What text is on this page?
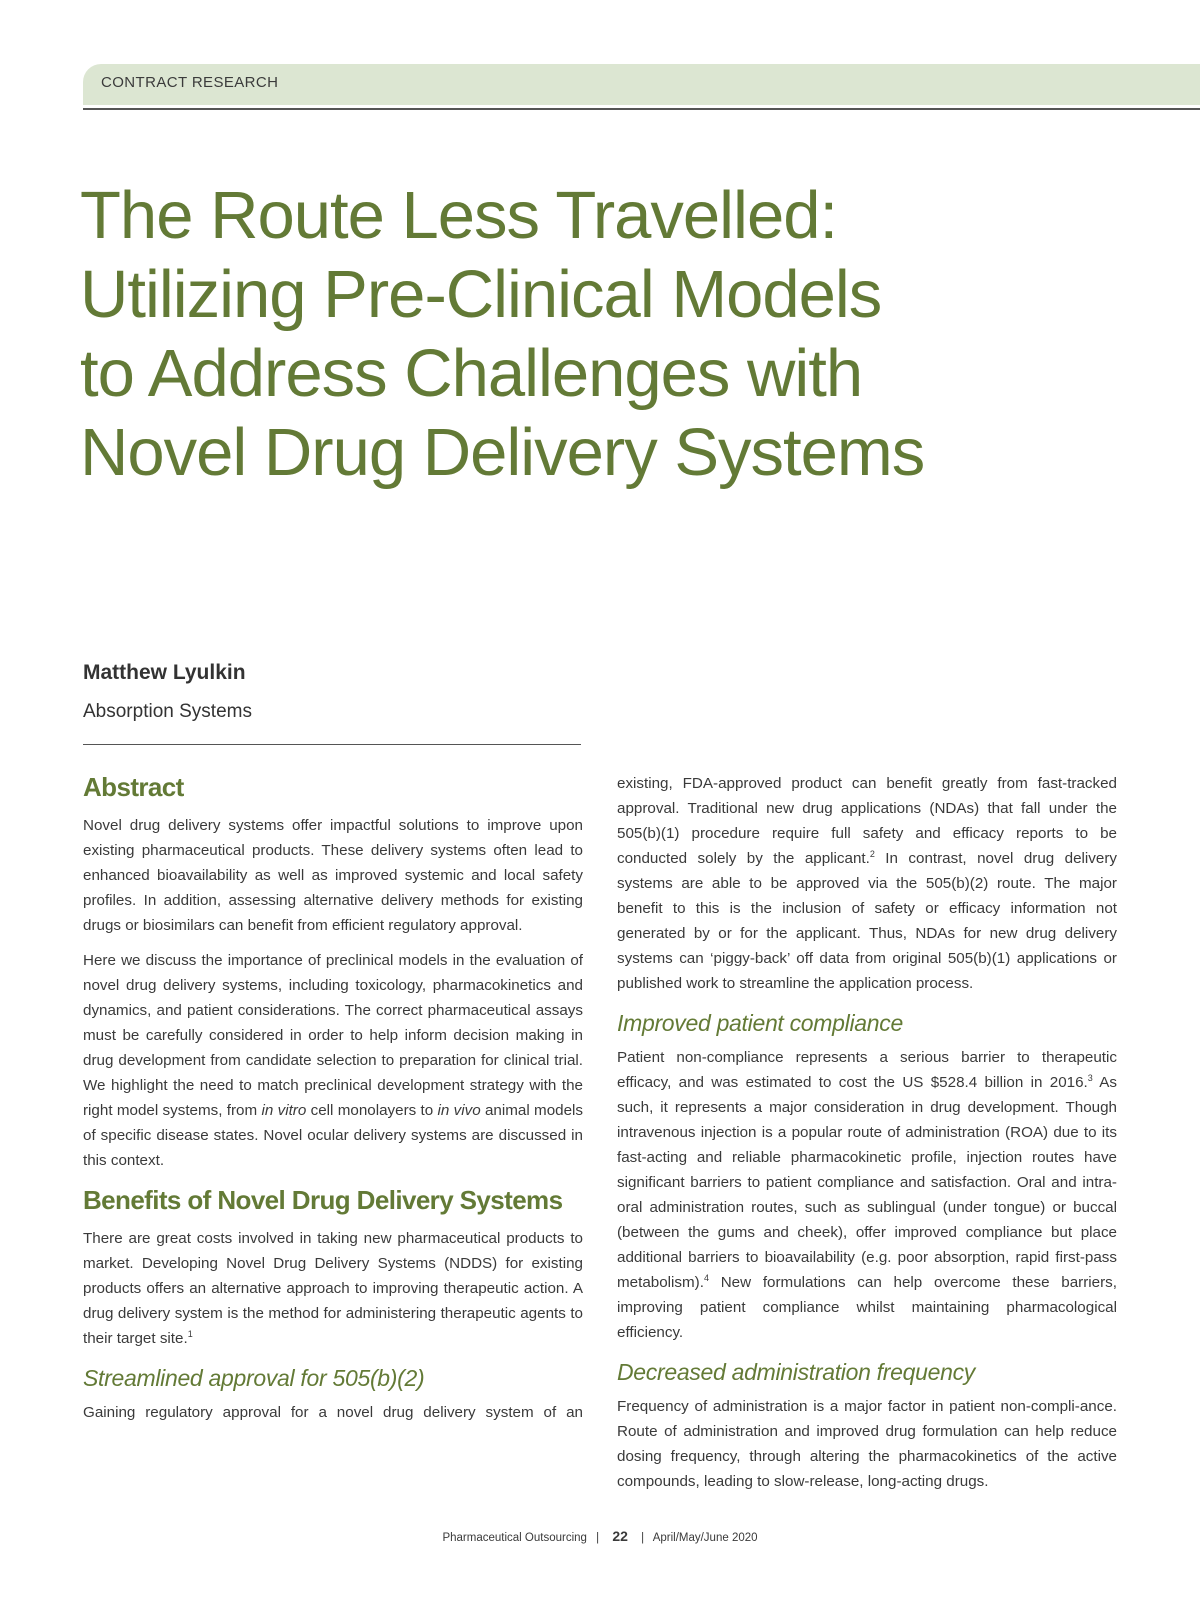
CONTRACT RESEARCH
The Route Less Travelled:
Utilizing Pre-Clinical Models
to Address Challenges with
Novel Drug Delivery Systems
Matthew Lyulkin
Absorption Systems
Abstract

Novel drug delivery systems offer impactful solutions to improve upon existing pharmaceutical products. These delivery systems often lead to enhanced bioavailability as well as improved systemic and local safety profiles. In addition, assessing alternative delivery methods for existing drugs or biosimilars can benefit from efficient regulatory approval.

Here we discuss the importance of preclinical models in the evaluation of novel drug delivery systems, including toxicology, pharmacokinetics and dynamics, and patient considerations. The correct pharmaceutical assays must be carefully considered in order to help inform decision making in drug development from candidate selection to preparation for clinical trial. We highlight the need to match preclinical development strategy with the right model systems, from in vitro cell monolayers to in vivo animal models of specific disease states. Novel ocular delivery systems are discussed in this context.

Benefits of Novel Drug Delivery Systems

There are great costs involved in taking new pharmaceutical products to market. Developing Novel Drug Delivery Systems (NDDS) for existing products offers an alternative approach to improving therapeutic action. A drug delivery system is the method for administering therapeutic agents to their target site.$^1$

Streamlined approval for 505(b)(2)

Gaining regulatory approval for a novel drug delivery system of an

existing, FDA-approved product can benefit greatly from fast-tracked approval. Traditional new drug applications (NDAs) that fall under the 505(b)(1) procedure require full safety and efficacy reports to be conducted solely by the applicant.$^2$ In contrast, novel drug delivery systems are able to be approved via the 505(b)(2) route. The major benefit to this is the inclusion of safety or efficacy information not generated by or for the applicant. Thus, NDAs for new drug delivery systems can ‘piggy-back’ off data from original 505(b)(1) applications or published work to streamline the application process.

Improved patient compliance

Patient non-compliance represents a serious barrier to therapeutic efficacy, and was estimated to cost the US $528.4 billion in 2016.$^3$ As such, it represents a major consideration in drug development. Though intravenous injection is a popular route of administration (ROA) due to its fast-acting and reliable pharmacokinetic profile, injection routes have significant barriers to patient compliance and satisfaction. Oral and intra-oral administration routes, such as sublingual (under tongue) or buccal (between the gums and cheek), offer improved compliance but place additional barriers to bioavailability (e.g. poor absorption, rapid first-pass metabolism).$^4$ New formulations can help overcome these barriers, improving patient compliance whilst maintaining pharmacological efficiency.

Decreased administration frequency

Frequency of administration is a major factor in patient non-compli-ance. Route of administration and improved drug formulation can help reduce dosing frequency, through altering the pharmacokinetics of the active compounds, leading to slow-release, long-acting drugs.

Pharmaceutical Outsourcing | 22 | April/May/June 2020
